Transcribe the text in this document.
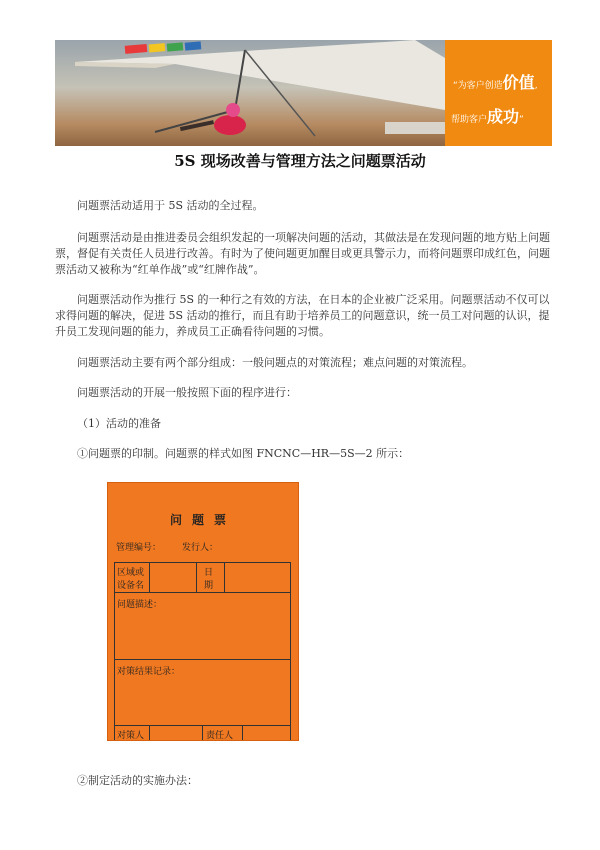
“为客户创造价值,
帮助客户成功”
5S 现场改善与管理方法之问题票活动

问题票活动适用于 5S 活动的全过程。

问题票活动是由推进委员会组织发起的一项解决问题的活动，其做法是在发现问题的地方贴上问题票，督促有关责任人员进行改善。有时为了使问题更加醒目或更具警示力，而将问题票印成红色，问题票活动又被称为“红单作战”或“红牌作战”。

问题票活动作为推行 5S 的一种行之有效的方法，在日本的企业被广泛采用。问题票活动不仅可以求得问题的解决，促进 5S 活动的推行，而且有助于培养员工的问题意识，统一员工对问题的认识，提升员工发现问题的能力，养成员工正确看待问题的习惯。

问题票活动主要有两个部分组成：一般问题点的对策流程；难点问题的对策流程。

问题票活动的开展一般按照下面的程序进行：

（1）活动的准备

①问题票的印制。问题票的样式如图 FNCNC—HR—5S—2 所示：

问题票
管理编号： 发行人：
区域或
设备名
日
期
问题描述：
对策结果记录：
对策人	责任人

②制定活动的实施办法：
